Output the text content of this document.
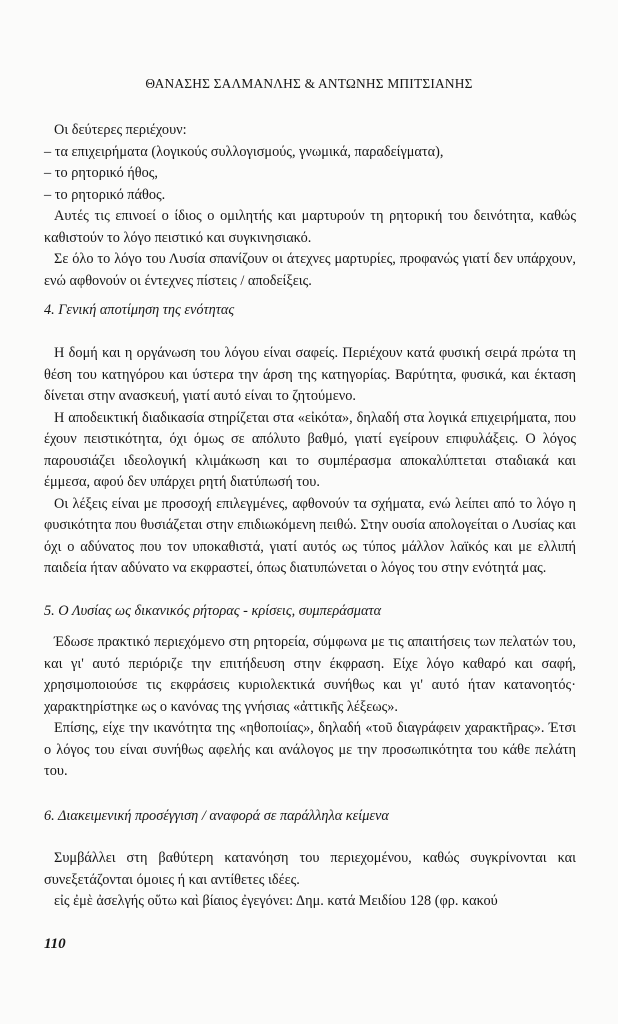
ΘΑΝΑΣΗΣ ΣΑΛΜΑΝΛΗΣ & ΑΝΤΩΝΗΣ ΜΠΙΤΣΙΑΝΗΣ

Οι δεύτερες περιέχουν:

– τα επιχειρήματα (λογικούς συλλογισμούς, γνωμικά, παραδείγματα),

– το ρητορικό ήθος,

– το ρητορικό πάθος.

Αυτές τις επινοεί ο ίδιος ο ομιλητής και μαρτυρούν τη ρητορική του δεινότητα, καθώς καθιστούν το λόγο πειστικό και συγκινησιακό.

Σε όλο το λόγο του Λυσία σπανίζουν οι άτεχνες μαρτυρίες, προφανώς γιατί δεν υπάρχουν, ενώ αφθονούν οι έντεχνες πίστεις / αποδείξεις.

4. Γενική αποτίμηση της ενότητας

Η δομή και η οργάνωση του λόγου είναι σαφείς. Περιέχουν κατά φυσική σειρά πρώτα τη θέση του κατηγόρου και ύστερα την άρση της κατηγορίας. Βαρύτητα, φυσικά, και έκταση δίνεται στην ανασκευή, γιατί αυτό είναι το ζητούμενο.

Η αποδεικτική διαδικασία στηρίζεται στα «εἰκότα», δηλαδή στα λογικά επιχειρήματα, που έχουν πειστικότητα, όχι όμως σε απόλυτο βαθμό, γιατί εγείρουν επιφυλάξεις. Ο λόγος παρουσιάζει ιδεολογική κλιμάκωση και το συμπέρασμα αποκαλύπτεται σταδιακά και έμμεσα, αφού δεν υπάρχει ρητή διατύπωσή του.

Οι λέξεις είναι με προσοχή επιλεγμένες, αφθονούν τα σχήματα, ενώ λείπει από το λόγο η φυσικότητα που θυσιάζεται στην επιδιωκόμενη πειθώ. Στην ουσία απολογείται ο Λυσίας και όχι ο αδύνατος που τον υποκαθιστά, γιατί αυτός ως τύπος μάλλον λαϊκός και με ελλιπή παιδεία ήταν αδύνατο να εκφραστεί, όπως διατυπώνεται ο λόγος του στην ενότητά μας.

5. Ο Λυσίας ως δικανικός ρήτορας - κρίσεις, συμπεράσματα

Έδωσε πρακτικό περιεχόμενο στη ρητορεία, σύμφωνα με τις απαιτήσεις των πελατών του, και γι' αυτό περιόριζε την επιτήδευση στην έκφραση. Είχε λόγο καθαρό και σαφή, χρησιμοποιούσε τις εκφράσεις κυριολεκτικά συνήθως και γι' αυτό ήταν κατανοητός· χαρακτηρίστηκε ως ο κανόνας της γνήσιας «ἀττικῆς λέξεως».

Επίσης, είχε την ικανότητα της «ηθοποιίας», δηλαδή «τοῦ διαγράφειν χαρακτῆρας». Έτσι ο λόγος του είναι συνήθως αφελής και ανάλογος με την προσωπικότητα του κάθε πελάτη του.

6. Διακειμενική προσέγγιση / αναφορά σε παράλληλα κείμενα

Συμβάλλει στη βαθύτερη κατανόηση του περιεχομένου, καθώς συγκρίνονται και συνεξετάζονται όμοιες ή και αντίθετες ιδέες.

εἰς ἐμὲ ἀσελγής οὕτω καὶ βίαιος ἐγεγόνει: Δημ. κατά Μειδίου 128 (φρ. κακού

110
